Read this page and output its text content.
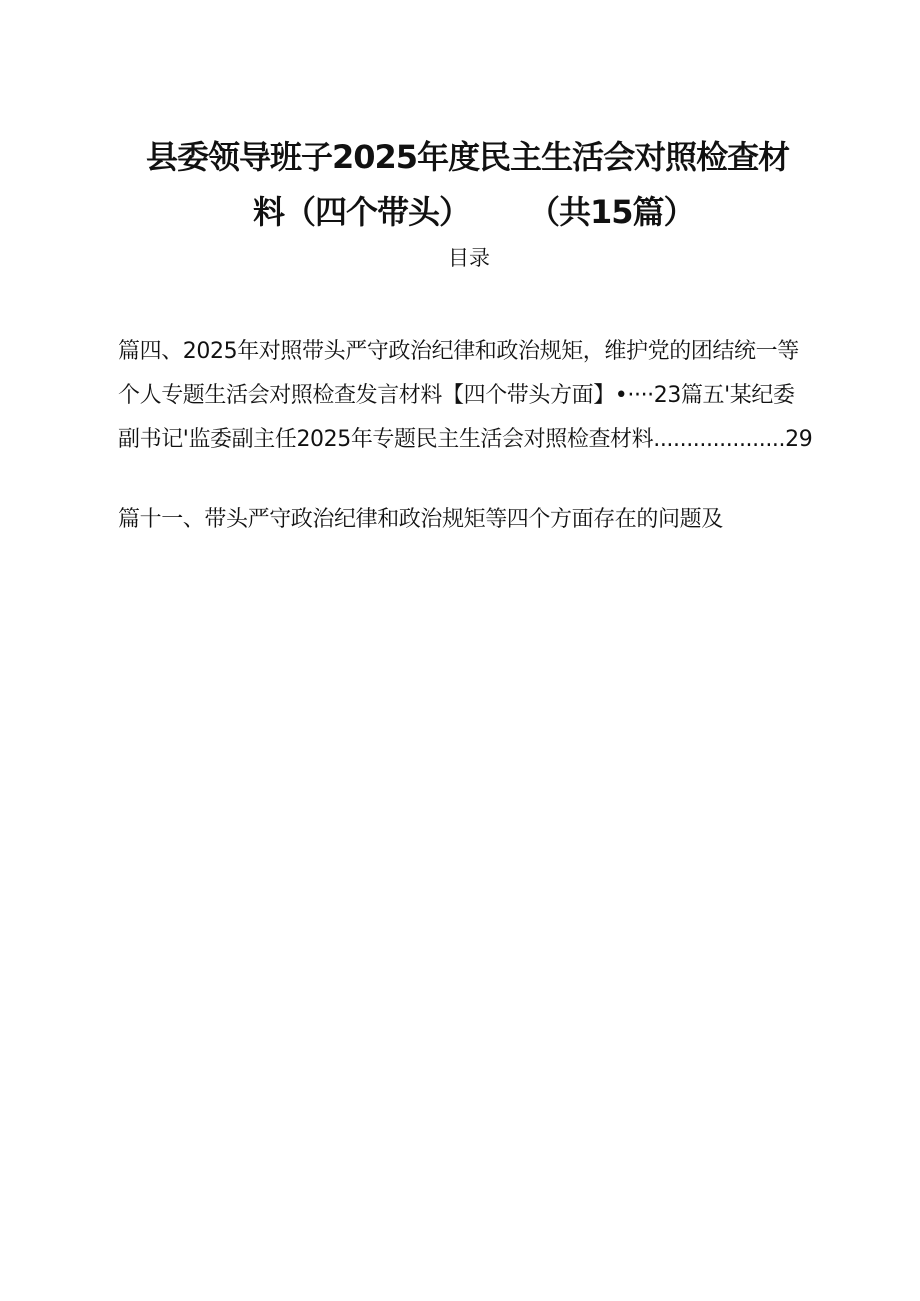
县委领导班子2025年度民主生活会对照检查材
料（四个带头） （共15篇）
目录
篇四、2025年对照带头严守政治纪律和政治规矩，维护党的团结统一等
个人专题生活会对照检查发言材料【四个带头方面】•····23篇五'某纪委
副书记'监委副主任2025年专题民主生活会对照检查材料....................29
篇十一、带头严守政治纪律和政治规矩等四个方面存在的问题及
